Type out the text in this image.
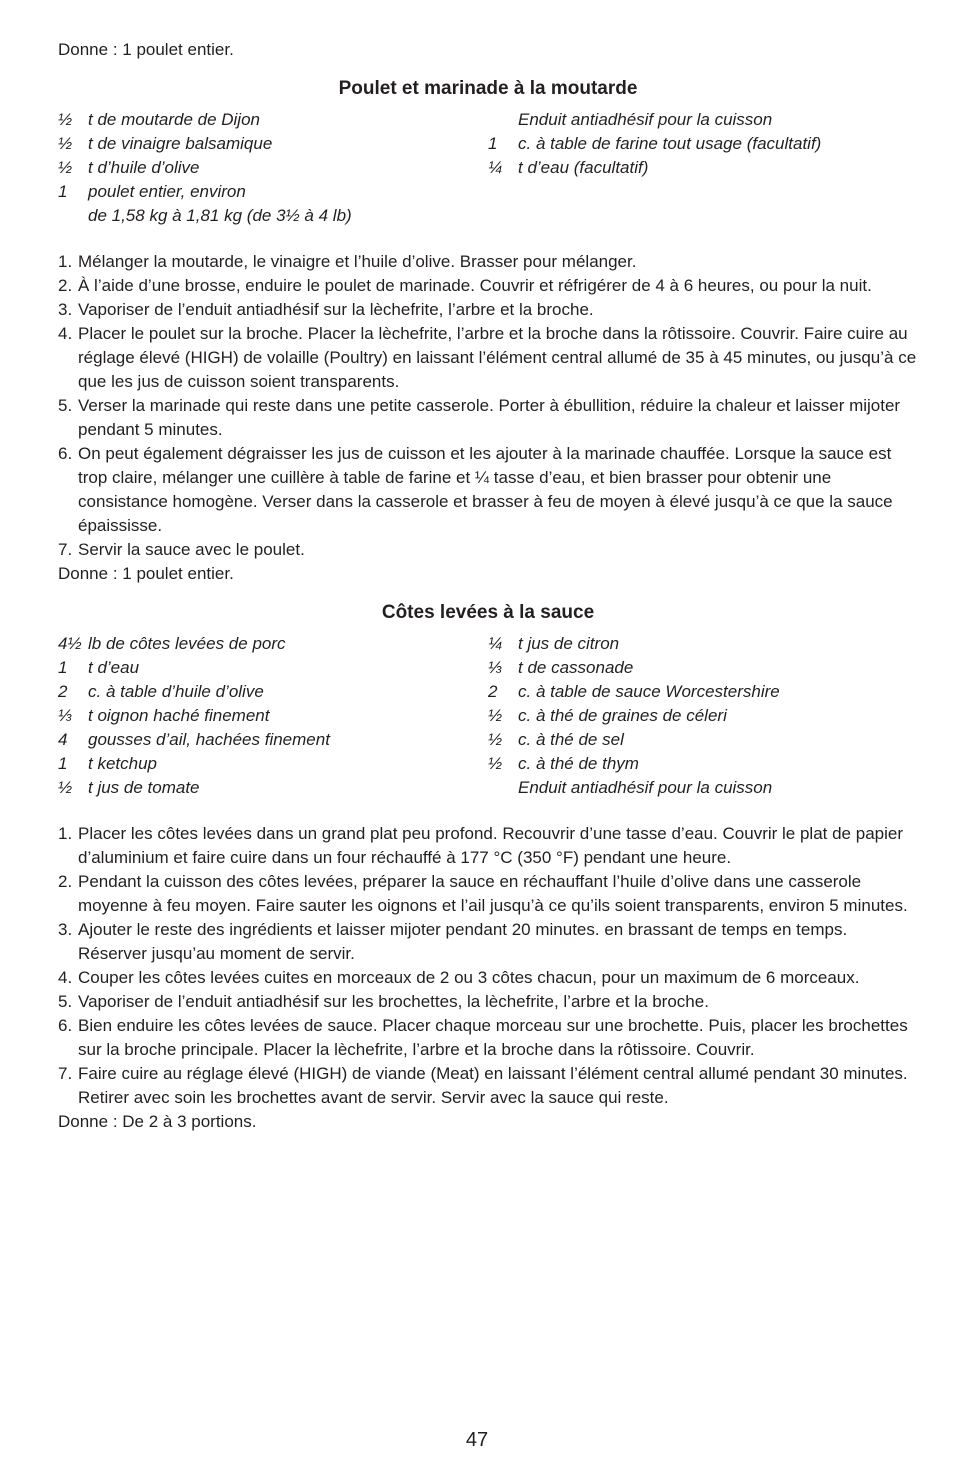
Donne : 1 poulet entier.

Poulet et marinade à la moutarde
½ t de moutarde de Dijon
½ t de vinaigre balsamique
½ t d’huile d’olive
1	poulet entier, environ
de 1,58 kg à 1,81 kg (de 3½ à 4 lb)
Enduit antiadhésif pour la cuisson
1	c. à table de farine tout usage (facultatif)
¼ t d’eau (facultatif)
1. Mélanger la moutarde, le vinaigre et l’huile d’olive. Brasser pour mélanger.
2. À l’aide d’une brosse, enduire le poulet de marinade. Couvrir et réfrigérer de 4 à 6 heures, ou pour la nuit.
3. Vaporiser de l’enduit antiadhésif sur la lèchefrite, l’arbre et la broche.
4. Placer le poulet sur la broche. Placer la lèchefrite, l’arbre et la broche dans la rôtissoire. Couvrir. Faire cuire au réglage élevé (HIGH) de volaille (Poultry) en laissant l’élément central allumé de 35 à 45 minutes, ou jusqu’à ce que les jus de cuisson soient transparents.
5. Verser la marinade qui reste dans une petite casserole. Porter à ébullition, réduire la chaleur et laisser mijoter pendant 5 minutes.
6. On peut également dégraisser les jus de cuisson et les ajouter à la marinade chauffée. Lorsque la sauce est trop claire, mélanger une cuillère à table de farine et ¼ tasse d’eau, et bien brasser pour obtenir une consistance homogène. Verser dans la casserole et brasser à feu de moyen à élevé jusqu’à ce que la sauce épaississe.
7. Servir la sauce avec le poulet.

Donne : 1 poulet entier.

Côtes levées à la sauce
4½ lb de côtes levées de porc
1	t d’eau
2	c. à table d’huile d’olive
⅓ t oignon haché finement
4	gousses d’ail, hachées finement
1	t ketchup
½ t jus de tomate
¼ t jus de citron
⅓ t de cassonade
2	c. à table de sauce Worcestershire
½ c. à thé de graines de céleri
½ c. à thé de sel
½ c. à thé de thym
Enduit antiadhésif pour la cuisson
1. Placer les côtes levées dans un grand plat peu profond. Recouvrir d’une tasse d’eau. Couvrir le plat de papier d’aluminium et faire cuire dans un four réchauffé à 177 °C (350 °F) pendant une heure.
2. Pendant la cuisson des côtes levées, préparer la sauce en réchauffant l’huile d’olive dans une casserole moyenne à feu moyen. Faire sauter les oignons et l’ail jusqu’à ce qu’ils soient transparents, environ 5 minutes.
3. Ajouter le reste des ingrédients et laisser mijoter pendant 20 minutes. en brassant de temps en temps. Réserver jusqu’au moment de servir.
4. Couper les côtes levées cuites en morceaux de 2 ou 3 côtes chacun, pour un maximum de 6 morceaux.
5. Vaporiser de l’enduit antiadhésif sur les brochettes, la lèchefrite, l’arbre et la broche.
6. Bien enduire les côtes levées de sauce. Placer chaque morceau sur une brochette. Puis, placer les brochettes sur la broche principale. Placer la lèchefrite, l’arbre et la broche dans la rôtissoire. Couvrir.
7. Faire cuire au réglage élevé (HIGH) de viande (Meat) en laissant l’élément central allumé pendant 30 minutes. Retirer avec soin les brochettes avant de servir. Servir avec la sauce qui reste.

Donne : De 2 à 3 portions.

47
